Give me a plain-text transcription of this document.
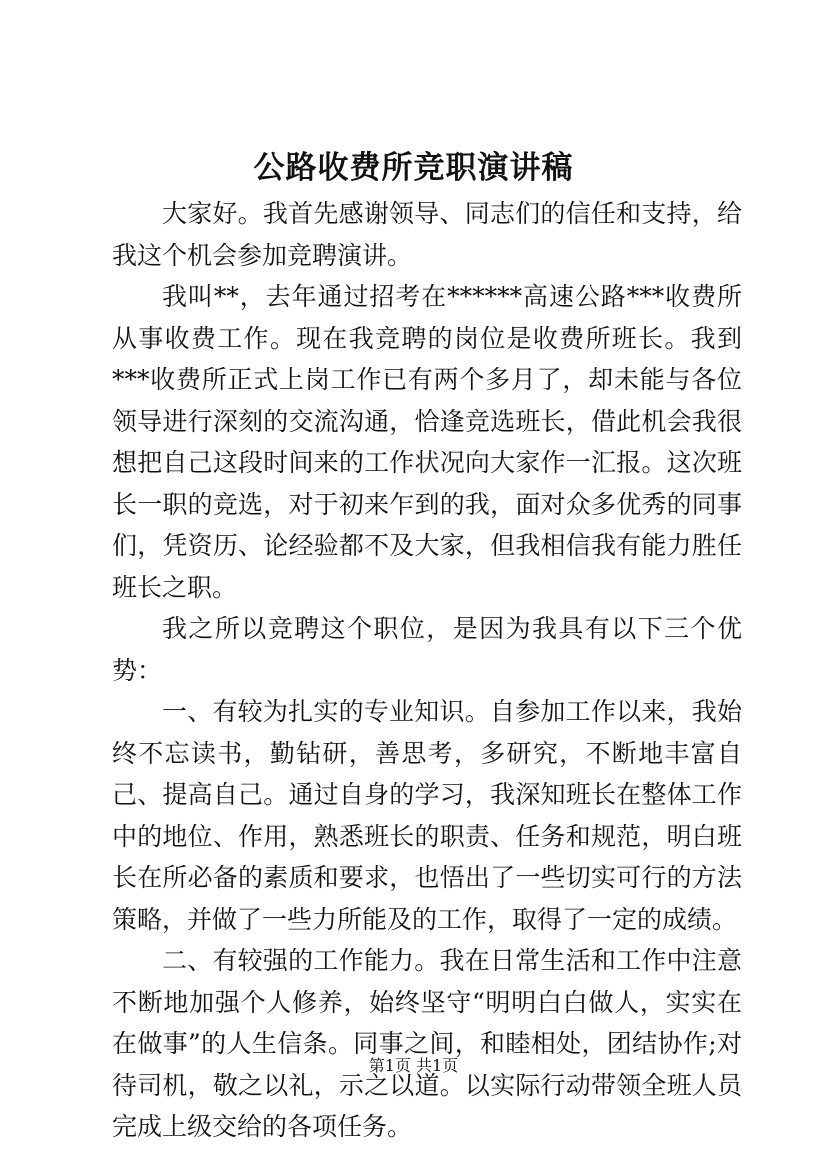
公路收费所竞职演讲稿

大家好。我首先感谢领导、同志们的信任和支持，给我这个机会参加竞聘演讲。

我叫**，去年通过招考在******高速公路***收费所从事收费工作。现在我竞聘的岗位是收费所班长。我到***收费所正式上岗工作已有两个多月了，却未能与各位领导进行深刻的交流沟通，恰逢竞选班长，借此机会我很想把自己这段时间来的工作状况向大家作一汇报。这次班长一职的竞选，对于初来乍到的我，面对众多优秀的同事们，凭资历、论经验都不及大家，但我相信我有能力胜任班长之职。

我之所以竞聘这个职位，是因为我具有以下三个优势：

一、有较为扎实的专业知识。自参加工作以来，我始终不忘读书，勤钻研，善思考，多研究，不断地丰富自己、提高自己。通过自身的学习，我深知班长在整体工作中的地位、作用，熟悉班长的职责、任务和规范，明白班长在所必备的素质和要求，也悟出了一些切实可行的方法策略，并做了一些力所能及的工作，取得了一定的成绩。

二、有较强的工作能力。我在日常生活和工作中注意不断地加强个人修养，始终坚守“明明白白做人，实实在在做事”的人生信条。同事之间，和睦相处，团结协作;对待司机，敬之以礼，示之以道。以实际行动带领全班人员完成上级交给的各项任务。

第1页 共1页
